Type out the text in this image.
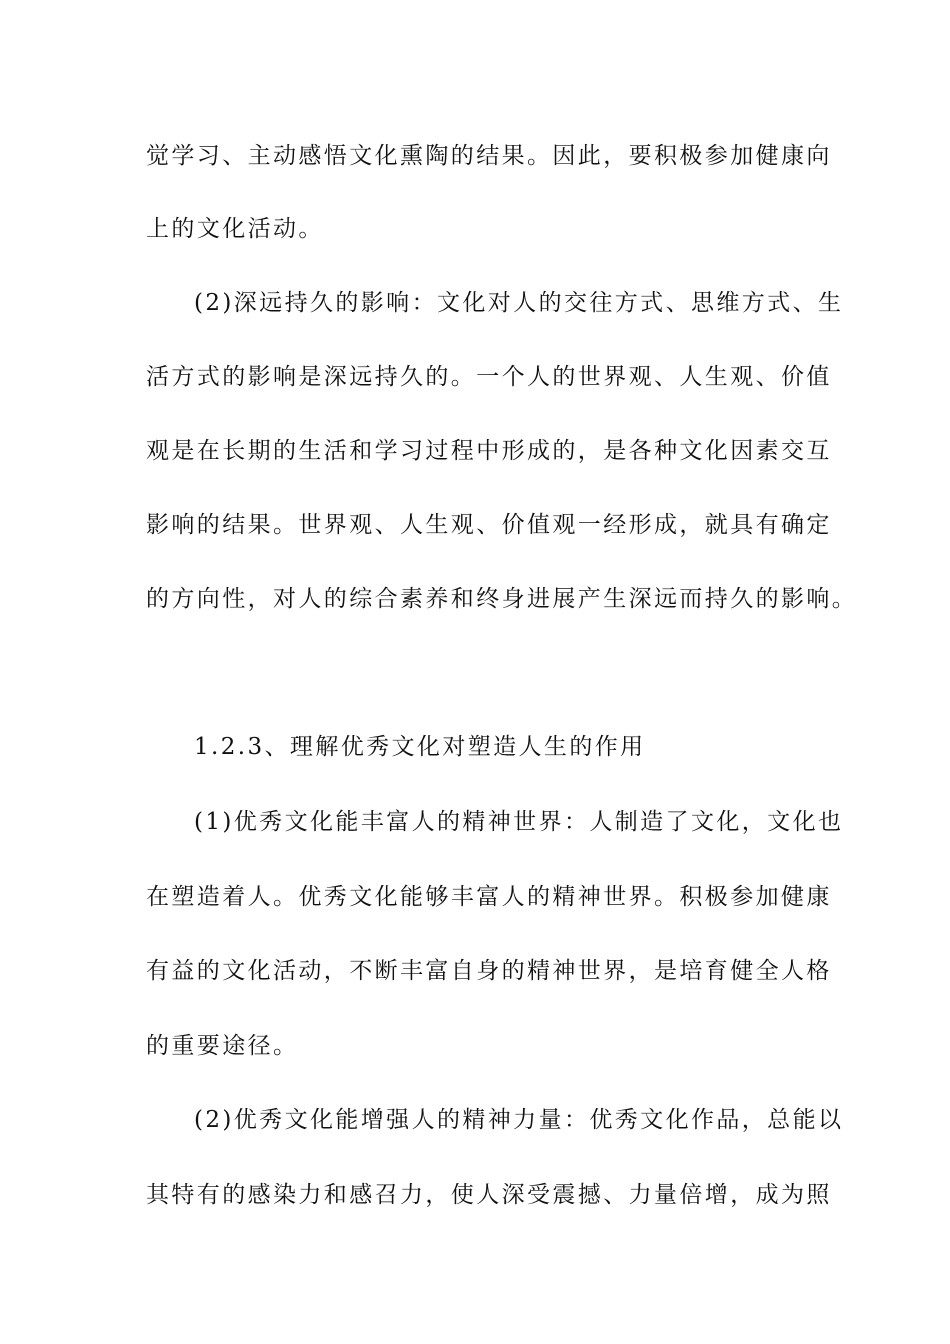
觉学习、主动感悟文化熏陶的结果。因此，要积极参加健康向
上的文化活动。
(2)深远持久的影响：文化对人的交往方式、思维方式、生
活方式的影响是深远持久的。一个人的世界观、人生观、价值
观是在长期的生活和学习过程中形成的，是各种文化因素交互
影响的结果。世界观、人生观、价值观一经形成，就具有确定
的方向性，对人的综合素养和终身进展产生深远而持久的影响。
1.2.3、理解优秀文化对塑造人生的作用
(1)优秀文化能丰富人的精神世界：人制造了文化，文化也
在塑造着人。优秀文化能够丰富人的精神世界。积极参加健康
有益的文化活动，不断丰富自身的精神世界，是培育健全人格
的重要途径。
(2)优秀文化能增强人的精神力量：优秀文化作品，总能以
其特有的感染力和感召力，使人深受震撼、力量倍增，成为照
